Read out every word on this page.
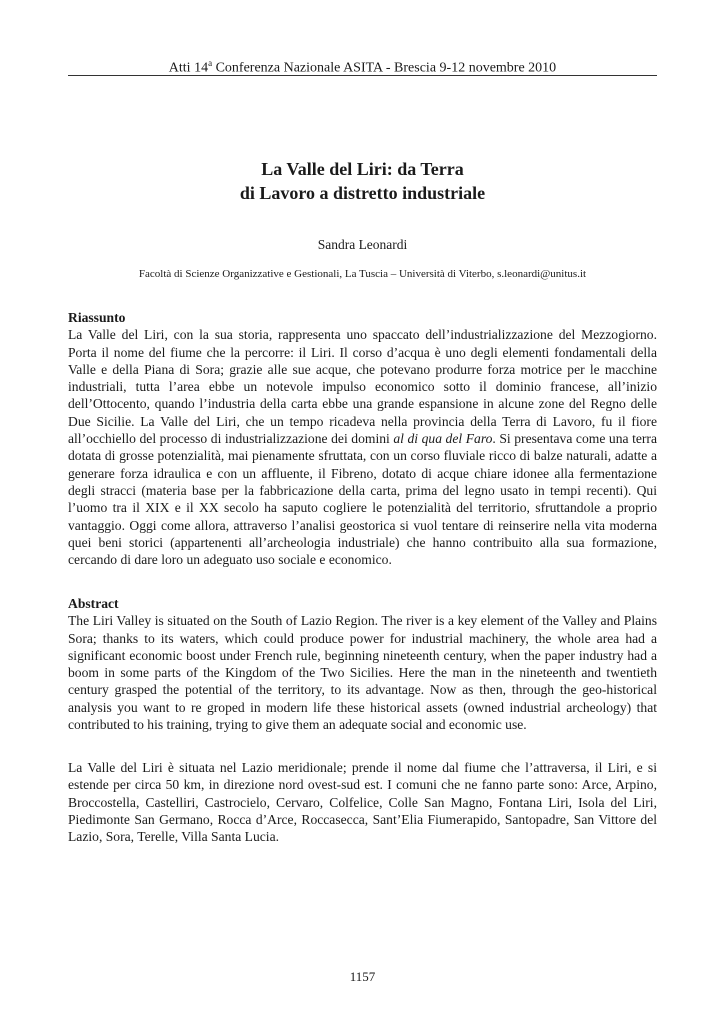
Atti 14$^a$ Conferenza Nazionale ASITA - Brescia 9-12 novembre 2010
La Valle del Liri: da Terra
di Lavoro a distretto industriale
Sandra Leonardi
Facoltà di Scienze Organizzative e Gestionali, La Tuscia – Università di Viterbo, s.leonardi@unitus.it
Riassunto

La Valle del Liri, con la sua storia, rappresenta uno spaccato dell’industrializzazione del Mezzogiorno. Porta il nome del fiume che la percorre: il Liri. Il corso d’acqua è uno degli elementi fondamentali della Valle e della Piana di Sora; grazie alle sue acque, che potevano produrre forza motrice per le macchine industriali, tutta l’area ebbe un notevole impulso economico sotto il dominio francese, all’inizio dell’Ottocento, quando l’industria della carta ebbe una grande espansione in alcune zone del Regno delle Due Sicilie. La Valle del Liri, che un tempo ricadeva nella provincia della Terra di Lavoro, fu il fiore all’occhiello del processo di industrializzazione dei domini al di qua del Faro. Si presentava come una terra dotata di grosse potenzialità, mai pienamente sfruttata, con un corso fluviale ricco di balze naturali, adatte a generare forza idraulica e con un affluente, il Fibreno, dotato di acque chiare idonee alla fermentazione degli stracci (materia base per la fabbricazione della carta, prima del legno usato in tempi recenti). Qui l’uomo tra il XIX e il XX secolo ha saputo cogliere le potenzialità del territorio, sfruttandole a proprio vantaggio. Oggi come allora, attraverso l’analisi geostorica si vuol tentare di reinserire nella vita moderna quei beni storici (appartenenti all’archeologia industriale) che hanno contribuito alla sua formazione, cercando di dare loro un adeguato uso sociale e economico.

Abstract

The Liri Valley is situated on the South of Lazio Region. The river is a key element of the Valley and Plains Sora; thanks to its waters, which could produce power for industrial machinery, the whole area had a significant economic boost under French rule, beginning nineteenth century, when the paper industry had a boom in some parts of the Kingdom of the Two Sicilies. Here the man in the nineteenth and twentieth century grasped the potential of the territory, to its advantage. Now as then, through the geo-historical analysis you want to re groped in modern life these historical assets (owned industrial archeology) that contributed to his training, trying to give them an adequate social and economic use.

La Valle del Liri è situata nel Lazio meridionale; prende il nome dal fiume che l’attraversa, il Liri, e si estende per circa 50 km, in direzione nord ovest-sud est. I comuni che ne fanno parte sono: Arce, Arpino, Broccostella, Castelliri, Castrocielo, Cervaro, Colfelice, Colle San Magno, Fontana Liri, Isola del Liri, Piedimonte San Germano, Rocca d’Arce, Roccasecca, Sant’Elia Fiumerapido, Santopadre, San Vittore del Lazio, Sora, Terelle, Villa Santa Lucia.

1157
